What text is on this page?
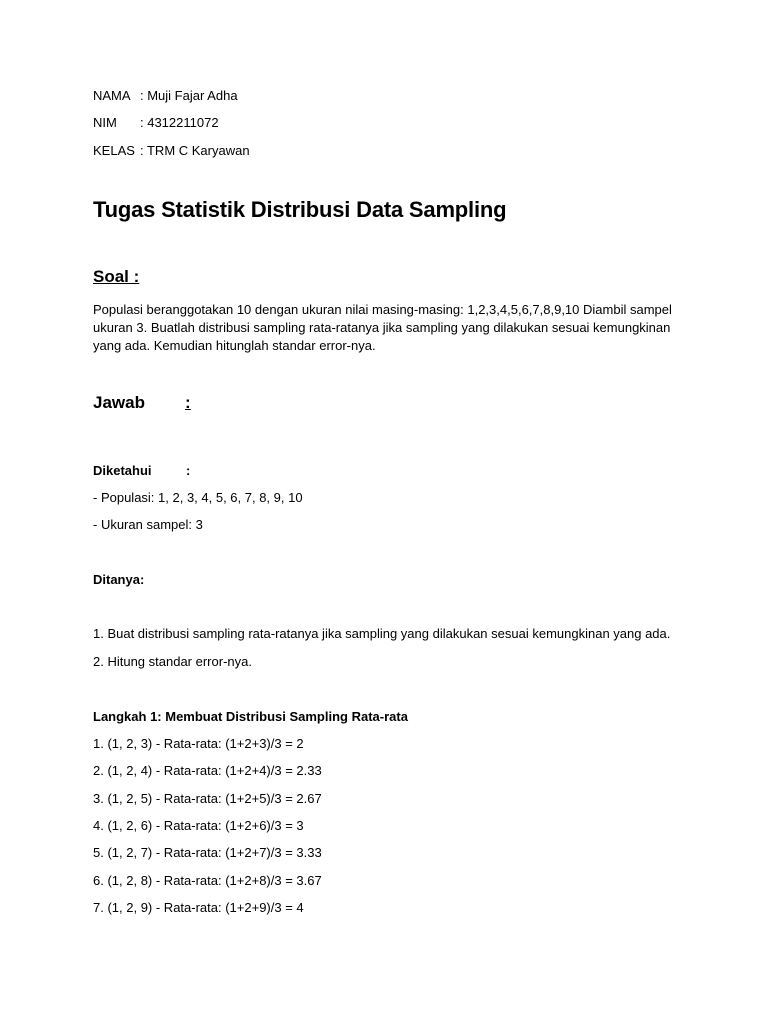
NAMA : Muji Fajar Adha
NIM : 4312211072
KELAS : TRM C Karyawan
Tugas Statistik Distribusi Data Sampling
Soal :
Populasi beranggotakan 10 dengan ukuran nilai masing-masing: 1,2,3,4,5,6,7,8,9,10 Diambil sampel ukuran 3. Buatlah distribusi sampling rata-ratanya jika sampling yang dilakukan sesuai kemungkinan yang ada. Kemudian hitunglah standar error-nya.
Jawab :
Diketahui	:
- Populasi: 1, 2, 3, 4, 5, 6, 7, 8, 9, 10
- Ukuran sampel: 3
Ditanya:
1. Buat distribusi sampling rata-ratanya jika sampling yang dilakukan sesuai kemungkinan yang ada.
2. Hitung standar error-nya.
Langkah 1: Membuat Distribusi Sampling Rata-rata
1. (1, 2, 3) - Rata-rata: (1+2+3)/3 = 2
2. (1, 2, 4) - Rata-rata: (1+2+4)/3 = 2.33
3. (1, 2, 5) - Rata-rata: (1+2+5)/3 = 2.67
4. (1, 2, 6) - Rata-rata: (1+2+6)/3 = 3
5. (1, 2, 7) - Rata-rata: (1+2+7)/3 = 3.33
6. (1, 2, 8) - Rata-rata: (1+2+8)/3 = 3.67
7. (1, 2, 9) - Rata-rata: (1+2+9)/3 = 4
